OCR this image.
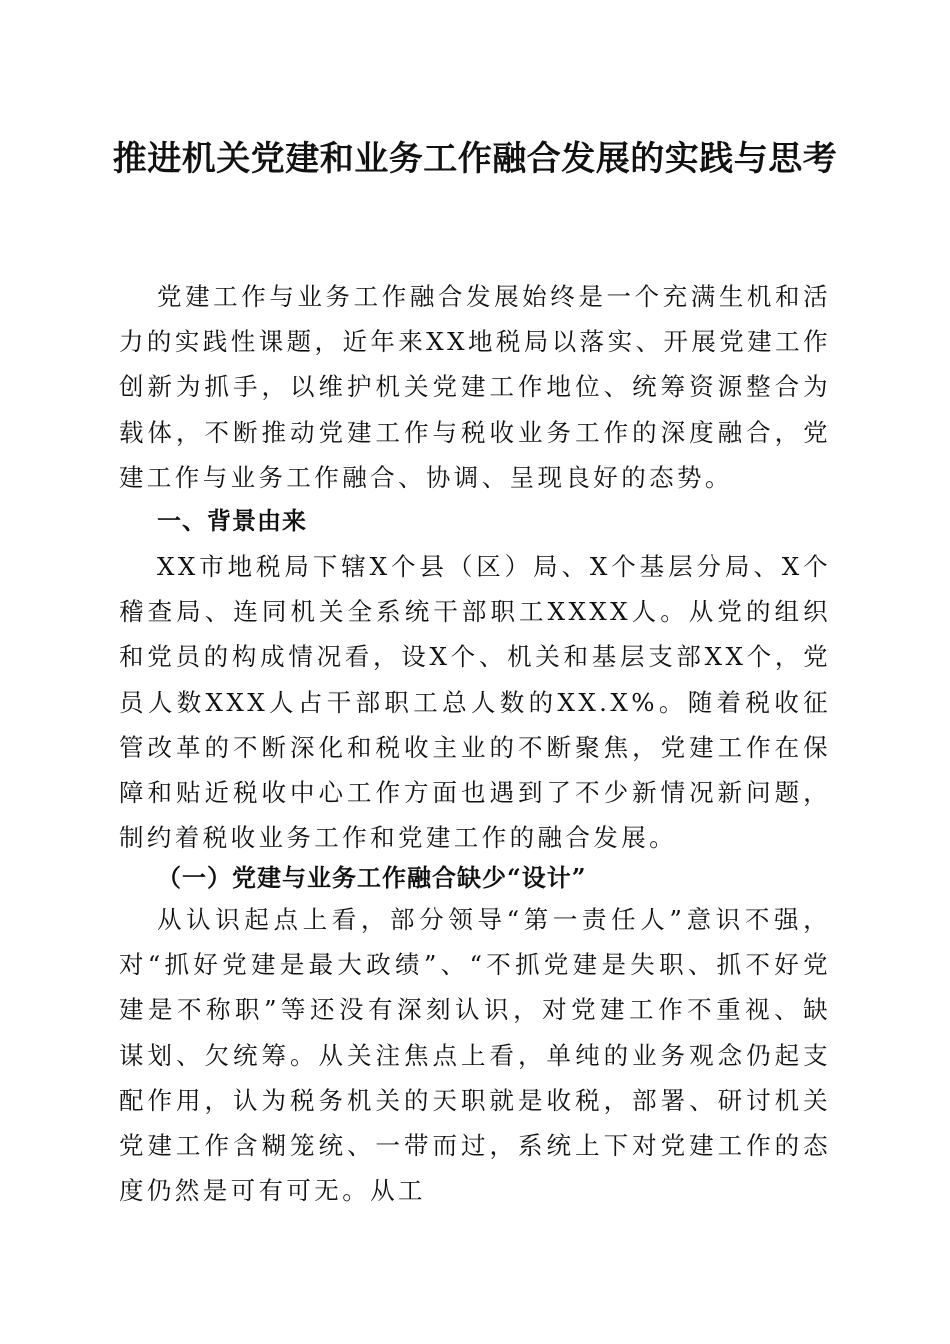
推进机关党建和业务工作融合发展的实践与思考

党建工作与业务工作融合发展始终是一个充满生机和活力的实践性课题，近年来XX地税局以落实、开展党建工作创新为抓手，以维护机关党建工作地位、统筹资源整合为载体，不断推动党建工作与税收业务工作的深度融合，党建工作与业务工作融合、协调、呈现良好的态势。

一、背景由来

XX市地税局下辖X个县（区）局、X个基层分局、X个稽查局、连同机关全系统干部职工XXXX人。从党的组织和党员的构成情况看，设X个、机关和基层支部XX个，党员人数XXX人占干部职工总人数的XX.X%。随着税收征管改革的不断深化和税收主业的不断聚焦，党建工作在保障和贴近税收中心工作方面也遇到了不少新情况新问题，制约着税收业务工作和党建工作的融合发展。

（一）党建与业务工作融合缺少“设计”

从认识起点上看，部分领导“第一责任人”意识不强，对“抓好党建是最大政绩”、“不抓党建是失职、抓不好党建是不称职”等还没有深刻认识，对党建工作不重视、缺谋划、欠统筹。从关注焦点上看，单纯的业务观念仍起支配作用，认为税务机关的天职就是收税，部署、研讨机关党建工作含糊笼统、一带而过，系统上下对党建工作的态度仍然是可有可无。从工
